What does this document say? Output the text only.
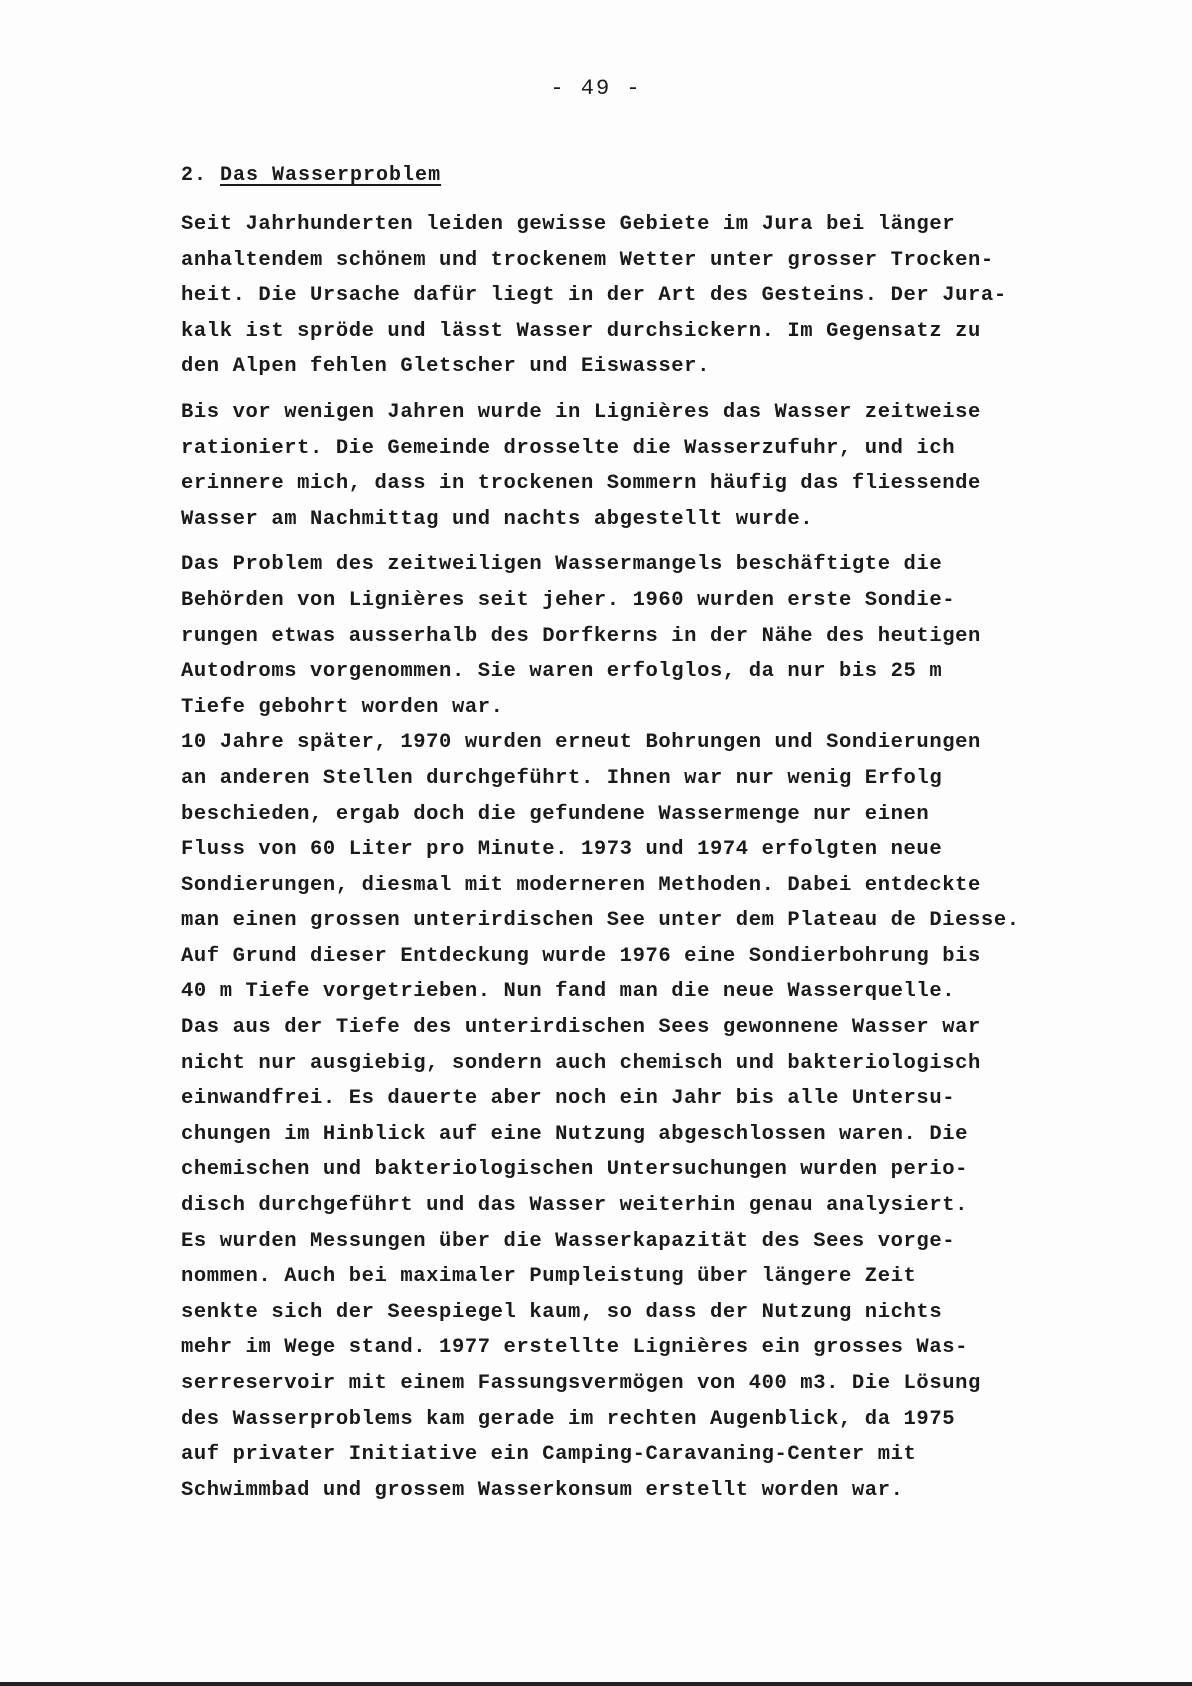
- 49 -
2. Das Wasserproblem
Seit Jahrhunderten leiden gewisse Gebiete im Jura bei länger
anhaltendem schönem und trockenem Wetter unter grosser Trocken-
heit. Die Ursache dafür liegt in der Art des Gesteins. Der Jura-
kalk ist spröde und lässt Wasser durchsickern. Im Gegensatz zu
den Alpen fehlen Gletscher und Eiswasser.
Bis vor wenigen Jahren wurde in Lignières das Wasser zeitweise
rationiert. Die Gemeinde drosselte die Wasserzufuhr, und ich
erinnere mich, dass in trockenen Sommern häufig das fliessende
Wasser am Nachmittag und nachts abgestellt wurde.
Das Problem des zeitweiligen Wassermangels beschäftigte die
Behörden von Lignières seit jeher. 1960 wurden erste Sondie-
rungen etwas ausserhalb des Dorfkerns in der Nähe des heutigen
Autodroms vorgenommen. Sie waren erfolglos, da nur bis 25 m
Tiefe gebohrt worden war.
10 Jahre später, 1970 wurden erneut Bohrungen und Sondierungen
an anderen Stellen durchgeführt. Ihnen war nur wenig Erfolg
beschieden, ergab doch die gefundene Wassermenge nur einen
Fluss von 60 Liter pro Minute. 1973 und 1974 erfolgten neue
Sondierungen, diesmal mit moderneren Methoden. Dabei entdeckte
man einen grossen unterirdischen See unter dem Plateau de Diesse.
Auf Grund dieser Entdeckung wurde 1976 eine Sondierbohrung bis
40 m Tiefe vorgetrieben. Nun fand man die neue Wasserquelle.
Das aus der Tiefe des unterirdischen Sees gewonnene Wasser war
nicht nur ausgiebig, sondern auch chemisch und bakteriologisch
einwandfrei. Es dauerte aber noch ein Jahr bis alle Untersu-
chungen im Hinblick auf eine Nutzung abgeschlossen waren. Die
chemischen und bakteriologischen Untersuchungen wurden perio-
disch durchgeführt und das Wasser weiterhin genau analysiert.
Es wurden Messungen über die Wasserkapazität des Sees vorge-
nommen. Auch bei maximaler Pumpleistung über längere Zeit
senkte sich der Seespiegel kaum, so dass der Nutzung nichts
mehr im Wege stand. 1977 erstellte Lignières ein grosses Was-
serreservoir mit einem Fassungsvermögen von 400 m3. Die Lösung
des Wasserproblems kam gerade im rechten Augenblick, da 1975
auf privater Initiative ein Camping-Caravaning-Center mit
Schwimmbad und grossem Wasserkonsum erstellt worden war.
